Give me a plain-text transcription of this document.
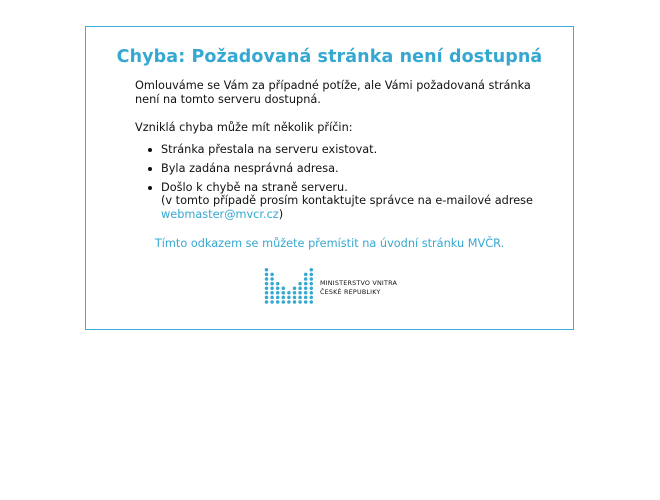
Chyba: Požadovaná stránka není dostupná

Omlouváme se Vám za případné potíže, ale Vámi požadovaná stránka není na tomto serveru dostupná.

Vzniklá chyba může mít několik příčin:

Stránka přestala na serveru existovat.
Byla zadána nesprávná adresa.
Došlo k chybě na straně serveru.
(v tomto případě prosím kontaktujte správce na e-mailové adrese
webmaster@mvcr.cz)
Tímto odkazem se můžete přemístit na úvodní stránku MVČR.
MINISTERSTVO VNITRA
ČESKÉ REPUBLIKY
